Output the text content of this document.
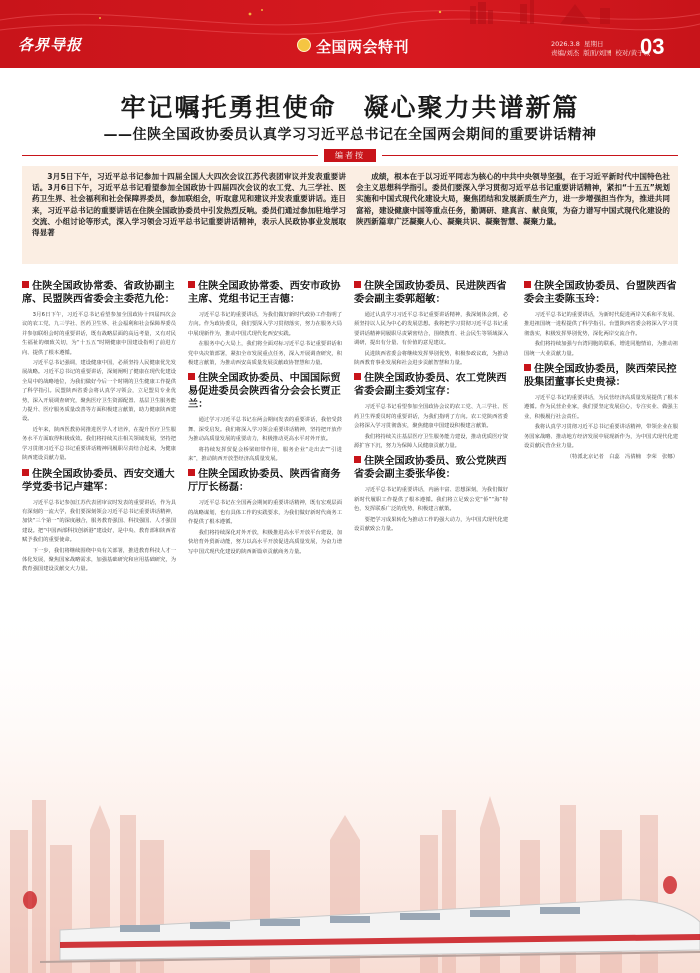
各界导报	全国两会特刊	2026.3.8 星期日
责编/刘杰 版面/刘国 校对/黄子城
03
牢记嘱托勇担使命　凝心聚力共谱新篇
——住陕全国政协委员认真学习习近平总书记在全国两会期间的重要讲话精神
编者按
3月5日下午，习近平总书记参加十四届全国人大四次会议江苏代表团审议并发表重要讲话。3月6日下午，习近平总书记看望参加全国政协十四届四次会议的农工党、九三学社、医药卫生界、社会福利和社会保障界委员，参加联组会，听取意见和建议并发表重要讲话。连日来，习近平总书记的重要讲话在住陕全国政协委员中引发热烈反响。委员们通过参加驻地学习交流、小组讨论等形式，深入学习领会习近平总书记重要讲话精神，表示人民政协事业发展取得显著
成绩，根本在于以习近平同志为核心的中共中央领导坚强，在于习近平新时代中国特色社会主义思想科学指引。委员们要深入学习贯彻习近平总书记重要讲话精神，紧扣“十五五”规划实施和中国式现代化建设大局，聚焦团结和发展新质生产力，进一步增强担当作为，推进共同富裕，建设健康中国等重点任务，勤调研、建真言、献良策，为奋力谱写中国式现代化建设的陕西新篇章广泛凝聚人心、凝聚共识、凝聚智慧、凝聚力量。
住陕全国政协常委、省政协副主席、民盟陕西省委会主委范九伦：

3月6日下午，习近平总书记看望参加全国政协十四届四次会议的农工党、九三学社、医药卫生界、社会福利和社会保障界委员并参加联组会时的重要讲话，既有战略层面的高远考量，又有对民生福祉的细致关切，为“十五五”时期健康中国建设指明了前进方向、提供了根本遵循。

习近平总书记强调，建设健康中国，必须坚持人民健康优先发展战略。习近平总书记的重要讲话，深刻阐明了健康在现代化建设全局中的战略地位，为我们做好今后一个时期的卫生健康工作提供了科学指引。民盟陕西省委会将认真学习领会，立足盟员专业优势，深入开展调查研究，聚焦医疗卫生资源配置、基层卫生服务能力提升、医疗服务质量改善等方面积极建言献策，助力健康陕西建设。

近年来，陕西医教协同推进医学人才培养，在提升医疗卫生服务水平方面取得积极成效。我们将持续关注相关领域发展，坚持把学习贯彻习近平总书记重要讲话精神同履职尽责结合起来，为健康陕西建设贡献力量。

住陕全国政协委员、西安交通大学党委书记卢建军：

习近平总书记参加江苏代表团审议时发表的重要讲话，作为具有深刻的一流大学，我们要深刻领会习近平总书记重要讲话精神，加快“三个第一”的深度融合，服务教育强国、科技强国、人才强国建设。把“中国西部科技创新港”建设好，是中央、教育部和陕西省赋予我们的重要使命。

下一步，我们将继续围绕中央有关部署，推进教育科技人才一体化发展，聚焦国家战略需求，加强基础研究和应用基础研究，为教育强国建设贡献交大力量。

住陕全国政协常委、西安市政协主席、党组书记王吉德：

习近平总书记的重要讲话，为我们做好新时代政协工作指明了方向。作为政协委员，我们要深入学习贯彻落实，努力在服务大局中展现新作为，推动中国式现代化西安实践。

在服务中心大局上，我们将全面对标习近平总书记重要讲话和党中央决策部署，紧扣全市发展重点任务，深入开展调查研究，积极建言献策，为推动西安高质量发展贡献政协智慧和力量。

住陕全国政协委员、中国国际贸易促进委员会陕西省分会会长贾正兰：

通过学习习近平总书记在两会期间发表的重要讲话，我倍受鼓舞、深受启发。我们将深入学习领会重要讲话精神，坚持把开放作为推动高质量发展的重要动力，积极推动更高水平对外开放。

将持续发挥贸促会桥梁纽带作用，服务企业“走出去”“引进来”，推动陕西开放型经济高质量发展。

住陕全国政协委员、陕西省商务厅厅长杨磊：

习近平总书记在全国两会期间的重要讲话精神，既有宏观层面的战略谋划，也有具体工作的实践要求，为我们做好新时代商务工作提供了根本遵循。

我们将持续深化对外开放，积极推进高水平开放平台建设，加快培育外贸新动能，努力以高水平开放促进高质量发展，为奋力谱写中国式现代化建设的陕西新篇章贡献商务力量。

住陕全国政协委员、民进陕西省委会副主委郭超敏：

通过认真学习习近平总书记重要讲话精神，我深刻体会到，必须坚持以人民为中心的发展思想。我将把学习贯彻习近平总书记重要讲话精神同履职尽责紧密结合，围绕教育、社会民生等领域深入调研，提出有分量、有价值的意见建议。

民进陕西省委会将继续发挥界别优势，积极参政议政，为推动陕西教育事业发展和社会进步贡献智慧和力量。

住陕全国政协委员、农工党陕西省委会副主委刘宝存：

习近平总书记看望参加全国政协会议的农工党、九三学社、医药卫生界委员时的重要讲话，为我们指明了方向。农工党陕西省委会将深入学习贯彻落实，聚焦健康中国建设积极建言献策。

我们将持续关注基层医疗卫生服务能力建设，推动优质医疗资源扩容下沉，努力为保障人民健康贡献力量。

住陕全国政协委员、致公党陕西省委会副主委张华俊：

习近平总书记的重要讲话，内涵丰富、思想深刻，为我们做好新时代履职工作提供了根本遵循。我们将立足致公党“侨”“海”特色，发挥联系广泛的优势，积极建言献策。

要把学习成果转化为推动工作的强大动力，为中国式现代化建设贡献致公力量。

住陕全国政协委员、台盟陕西省委会主委陈玉玲：

习近平总书记的重要讲话，为新时代促进两岸关系和平发展、推进祖国统一进程提供了科学指引。台盟陕西省委会将深入学习贯彻落实，积极发挥界别优势，深化两岸交流合作。

我们将持续加强与台湾同胞的联系，增进同胞情谊，为推动祖国统一大业贡献力量。

住陕全国政协委员，陕西荣民控股集团董事长史贵禄：

习近平总书记的重要讲话，为民营经济高质量发展提供了根本遵循。作为民营企业家，我们要坚定发展信心，专注实业、做强主业，积极履行社会责任。

我将认真学习贯彻习近平总书记重要讲话精神，带领企业在服务国家战略、推动地方经济发展中展现新作为，为中国式现代化建设贡献民营企业力量。

（特派北京记者　白蕊　冯倩楠　李荣　张娜）
